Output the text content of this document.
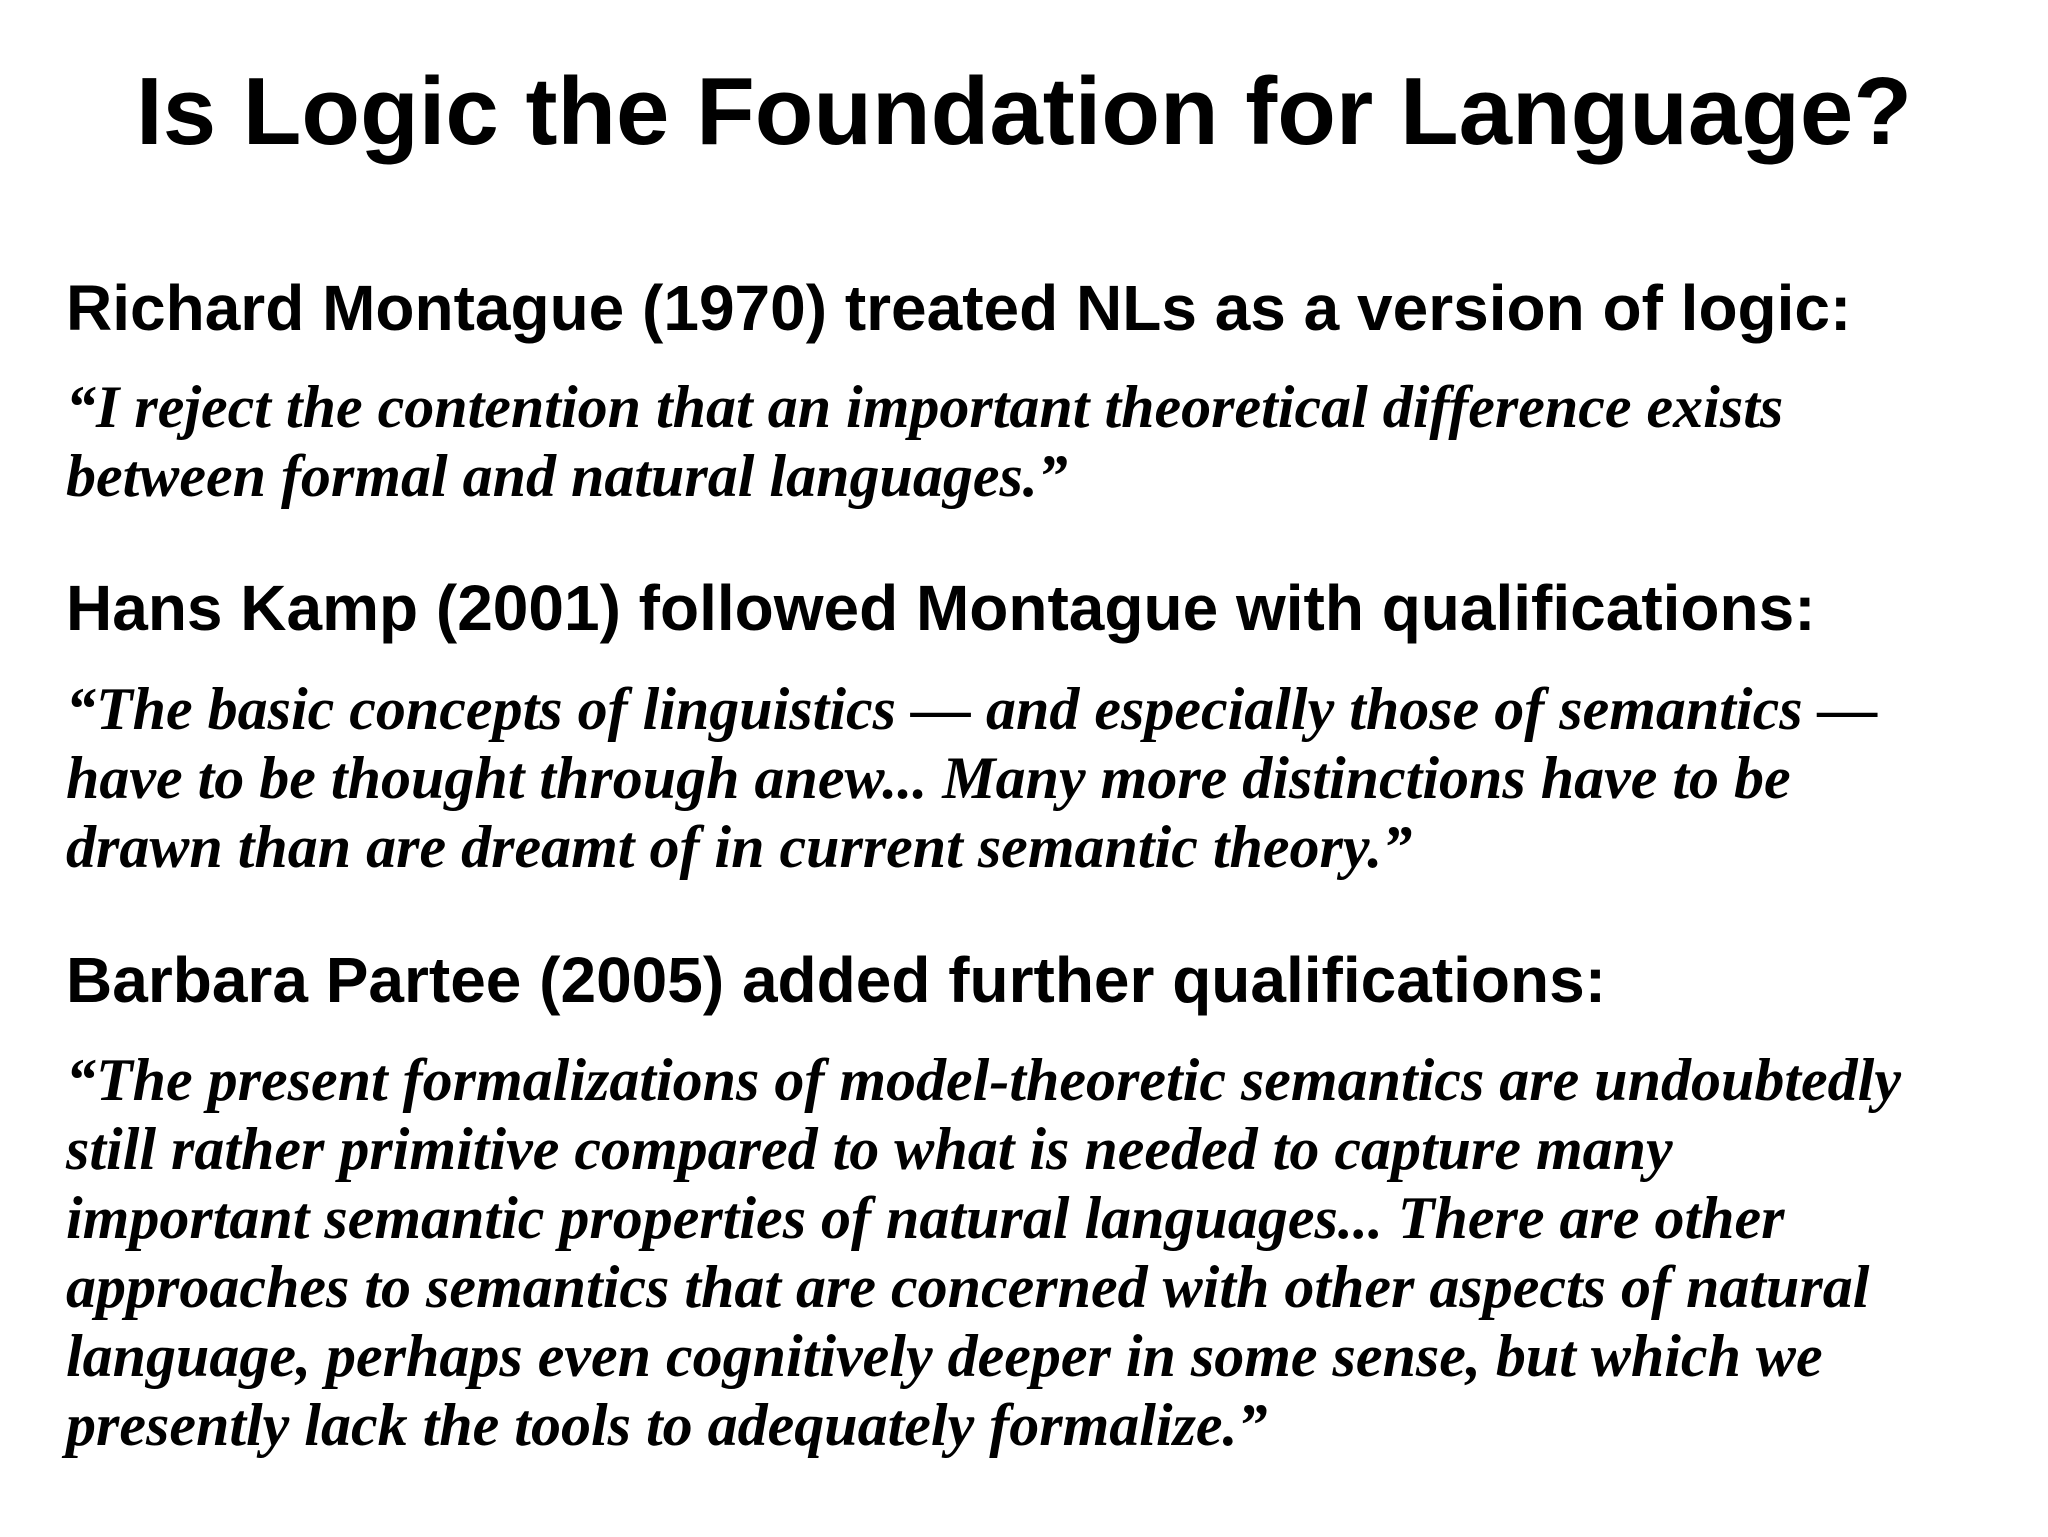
Is Logic the Foundation for Language?
Richard Montague (1970) treated NLs as a version of logic:

“I reject the contention that an important theoretical difference exists
between formal and natural languages.”

Hans Kamp (2001) followed Montague with qualifications:

“The basic concepts of linguistics — and especially those of semantics —
have to be thought through anew... Many more distinctions have to be
drawn than are dreamt of in current semantic theory.”

Barbara Partee (2005) added further qualifications:

“The present formalizations of model-theoretic semantics are undoubtedly
still rather primitive compared to what is needed to capture many
important semantic properties of natural languages... There are other
approaches to semantics that are concerned with other aspects of natural
language, perhaps even cognitively deeper in some sense, but which we
presently lack the tools to adequately formalize.”
